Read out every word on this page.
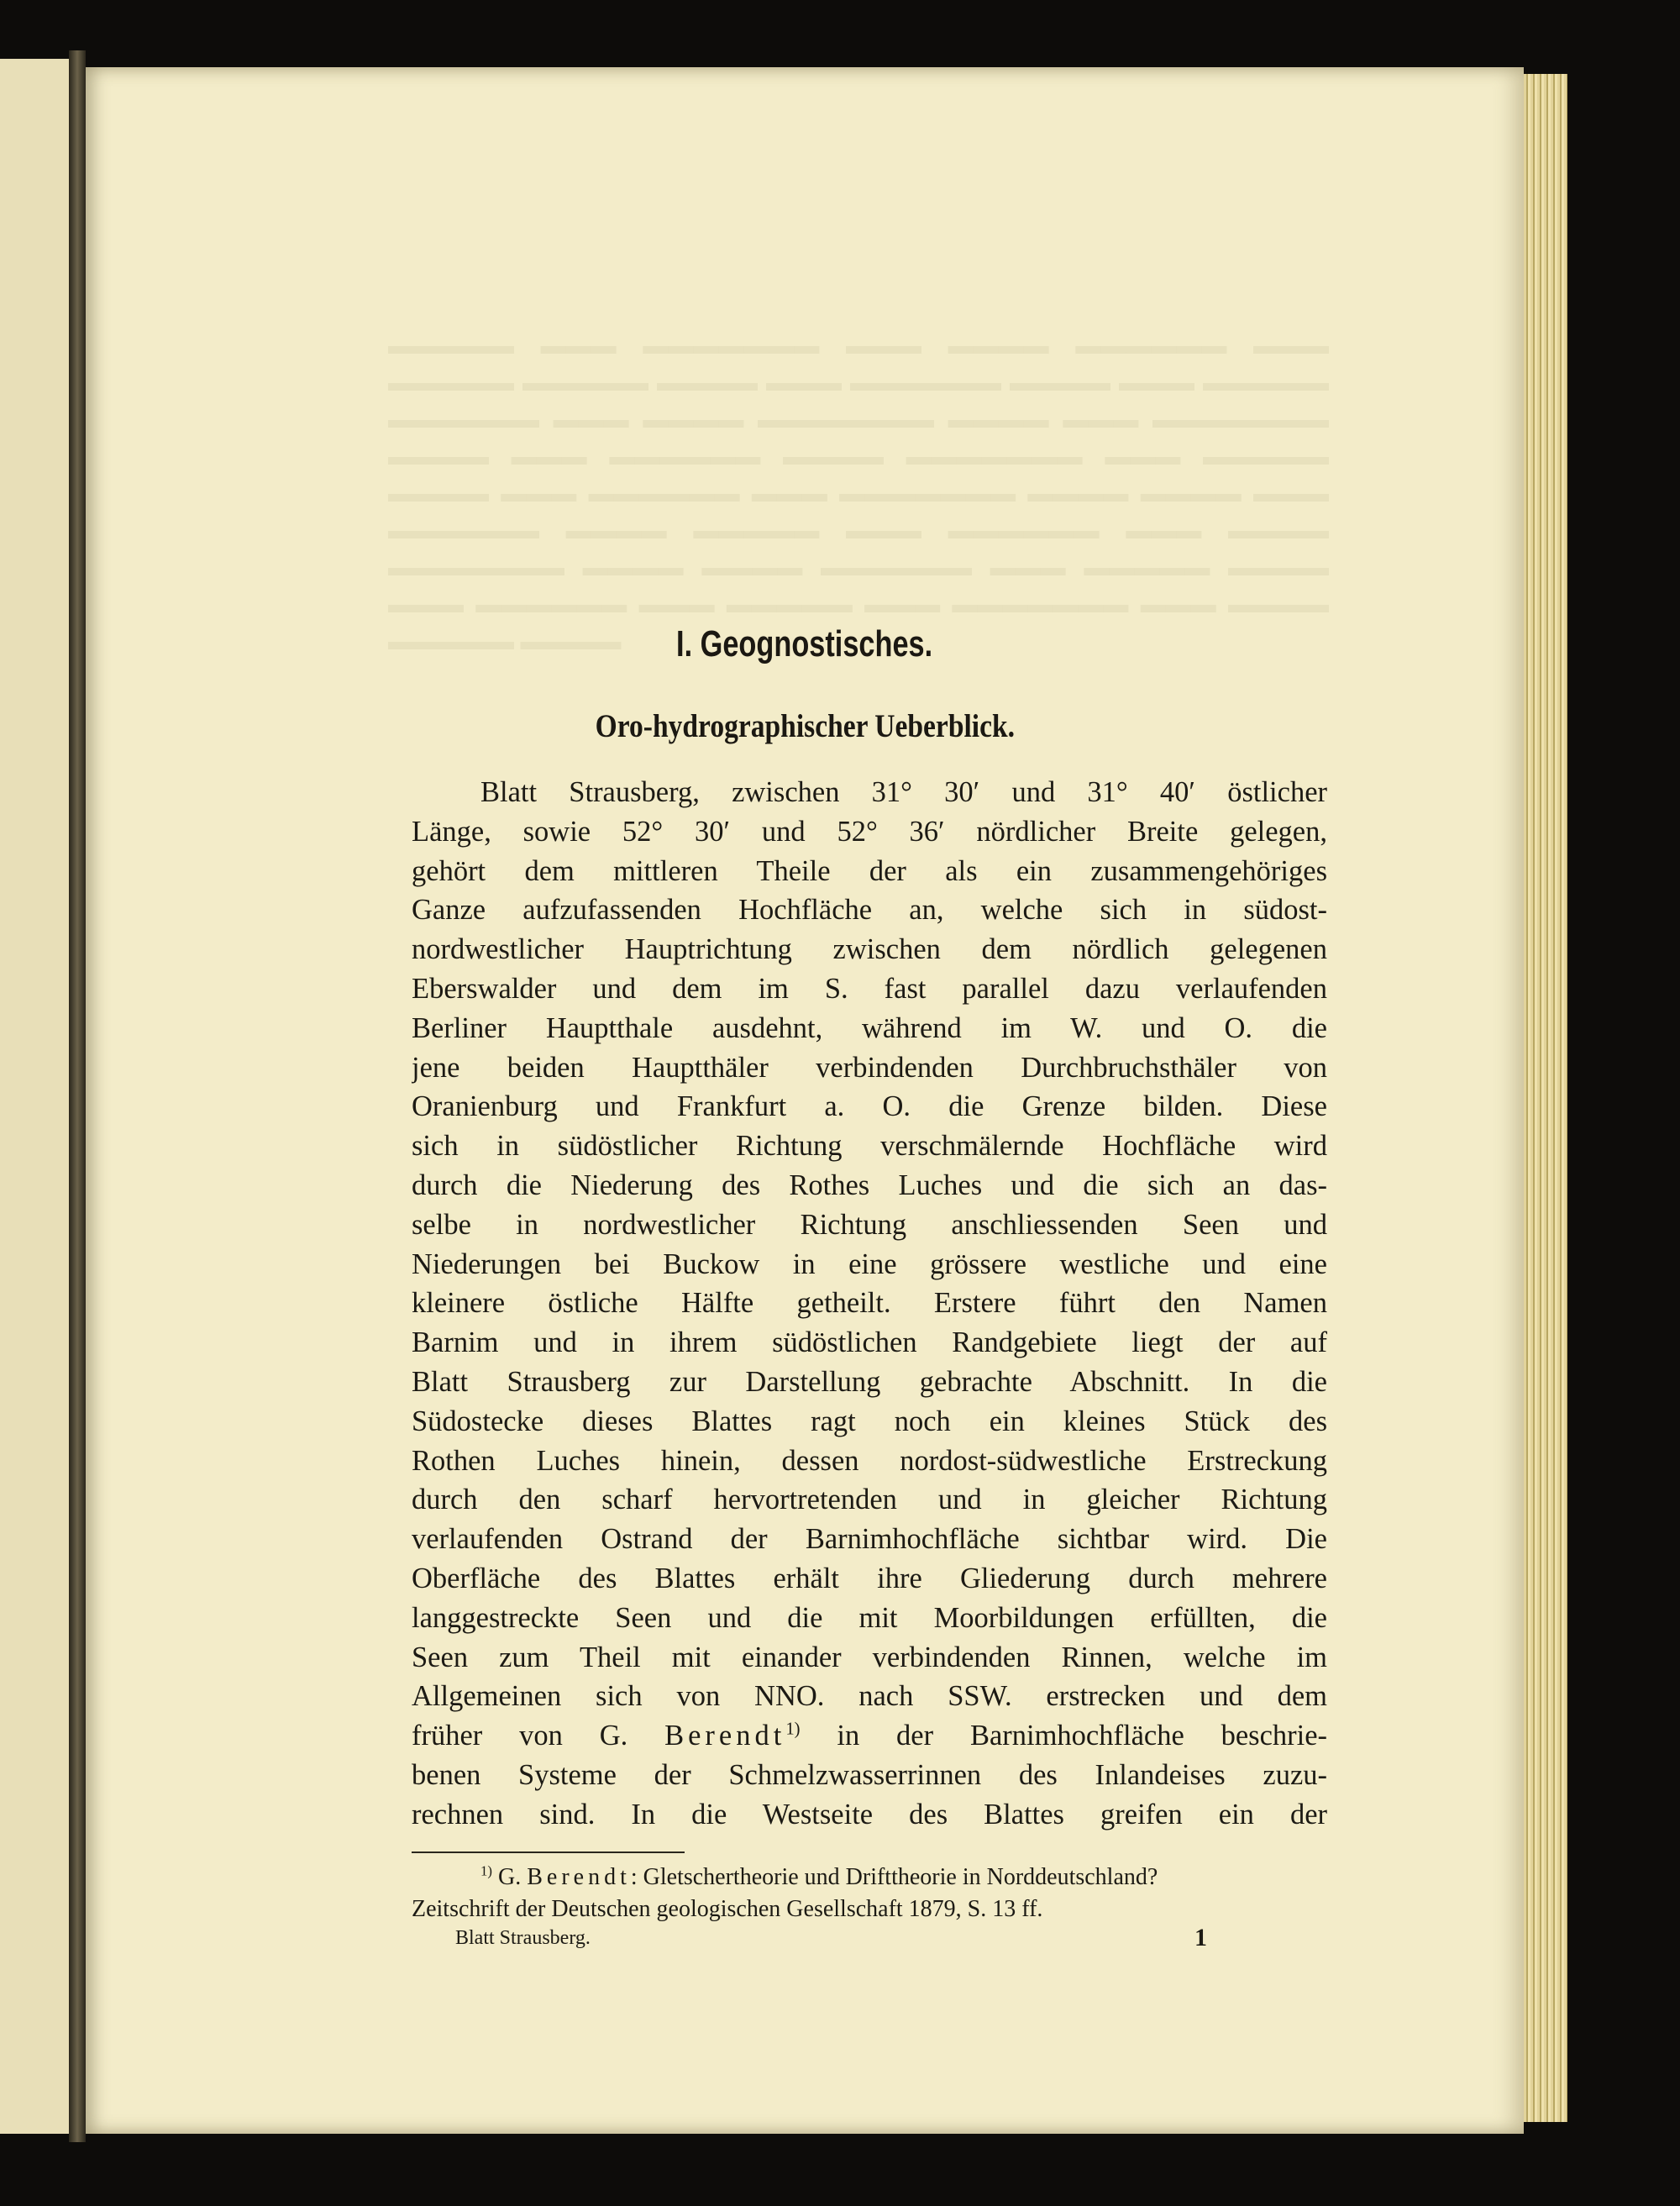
▬▬▬▬▬ ▬▬▬ ▬▬▬▬▬▬▬ ▬▬▬ ▬▬▬▬ ▬▬▬▬▬▬ ▬▬▬ ▬▬▬▬▬ ▬▬▬▬▬ ▬▬▬▬ ▬▬▬ ▬▬▬▬▬▬ ▬▬▬▬ ▬▬▬ ▬▬▬▬▬ ▬▬▬▬▬▬ ▬▬▬ ▬▬▬▬ ▬▬▬▬▬▬▬ ▬▬▬▬ ▬▬▬ ▬▬▬▬▬▬▬ ▬▬▬▬ ▬▬▬ ▬▬▬▬▬▬ ▬▬▬▬ ▬▬▬▬▬▬▬ ▬▬▬ ▬▬▬▬▬ ▬▬▬▬ ▬▬▬ ▬▬▬▬▬▬ ▬▬▬ ▬▬▬▬▬▬▬ ▬▬▬▬ ▬▬▬▬ ▬▬▬ ▬▬▬▬▬▬ ▬▬▬▬ ▬▬▬▬▬ ▬▬▬ ▬▬▬▬▬▬ ▬▬▬ ▬▬▬▬ ▬▬▬▬▬▬▬ ▬▬▬▬ ▬▬▬▬ ▬▬▬▬▬▬ ▬▬▬ ▬▬▬▬▬ ▬▬▬▬ ▬▬▬ ▬▬▬▬▬▬ ▬▬▬ ▬▬▬▬▬ ▬▬▬ ▬▬▬▬▬▬▬ ▬▬▬ ▬▬▬▬ ▬▬▬▬▬ ▬▬▬▬	I. Geognostisches.
Oro-hydrographischer Ueberblick.
Blatt Strausberg, zwischen 31° 30′ und 31° 40′ östlicher
Länge, sowie 52° 30′ und 52° 36′ nördlicher Breite gelegen,
gehört dem mittleren Theile der als ein zusammengehöriges
Ganze aufzufassenden Hochfläche an, welche sich in südost-
nordwestlicher Hauptrichtung zwischen dem nördlich gelegenen
Eberswalder und dem im S. fast parallel dazu verlaufenden
Berliner Hauptthale ausdehnt, während im W. und O. die
jene beiden Hauptthäler verbindenden Durchbruchsthäler von
Oranienburg und Frankfurt a. O. die Grenze bilden. Diese
sich in südöstlicher Richtung verschmälernde Hochfläche wird
durch die Niederung des Rothes Luches und die sich an das-
selbe in nordwestlicher Richtung anschliessenden Seen und
Niederungen bei Buckow in eine grössere westliche und eine
kleinere östliche Hälfte getheilt. Erstere führt den Namen
Barnim und in ihrem südöstlichen Randgebiete liegt der auf
Blatt Strausberg zur Darstellung gebrachte Abschnitt. In die
Südostecke dieses Blattes ragt noch ein kleines Stück des
Rothen Luches hinein, dessen nordost-südwestliche Erstreckung
durch den scharf hervortretenden und in gleicher Richtung
verlaufenden Ostrand der Barnimhochfläche sichtbar wird. Die
Oberfläche des Blattes erhält ihre Gliederung durch mehrere
langgestreckte Seen und die mit Moorbildungen erfüllten, die
Seen zum Theil mit einander verbindenden Rinnen, welche im
Allgemeinen sich von NNO. nach SSW. erstrecken und dem
früher von G. Berendt$^{1)}$ in der Barnimhochfläche beschrie-
benen Systeme der Schmelzwasserrinnen des Inlandeises zuzu-
rechnen sind. In die Westseite des Blattes greifen ein der
$^{1)}$ G. Berendt: Gletschertheorie und Drifttheorie in Norddeutschland?
Zeitschrift der Deutschen geologischen Gesellschaft 1879, S. 13 ff.
Blatt Strausberg.	1
